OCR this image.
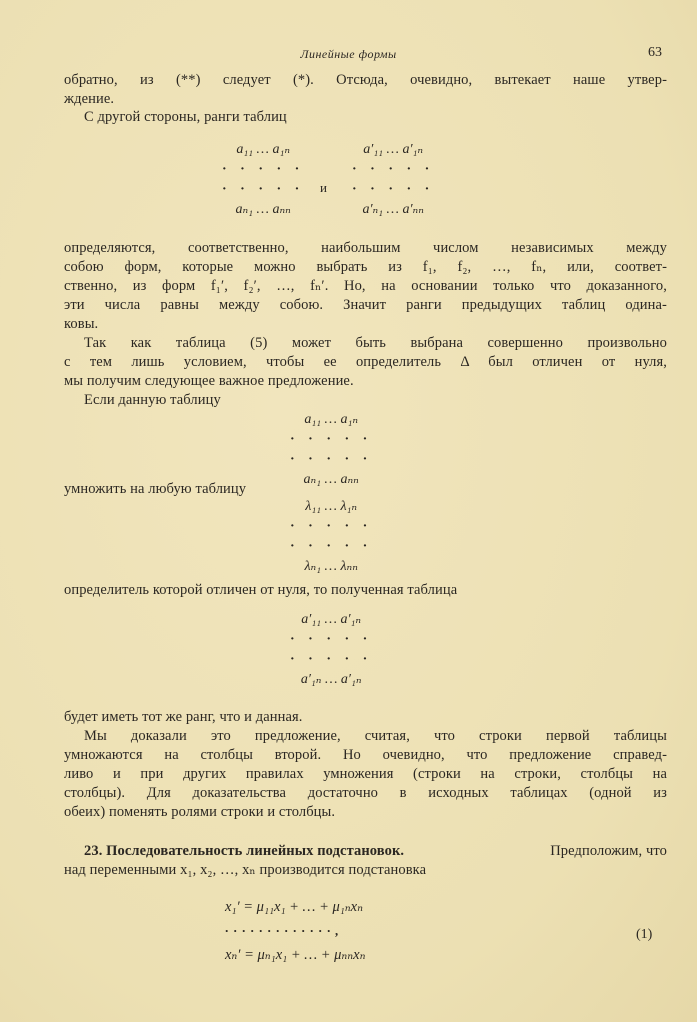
Линейные формы	63
обратно, из (**) следует (*). Отсюда, очевидно, вытекает наше утвер-
ждение.
С другой стороны, ранги таблиц
a₁₁ … a₁ₙ
· · · · ·
· · · · ·
aₙ₁ … aₙₙ
и
a′₁₁ … a′₁ₙ
· · · · ·
· · · · ·
a′ₙ₁ … a′ₙₙ
определяются, соответственно, наибольшим числом независимых между
собою форм, которые можно выбрать из f₁, f₂, …, fₙ, или, соответ-
ственно, из форм f₁′, f₂′, …, fₙ′. Но, на основании только что доказанного,
эти числа равны между собою. Значит ранги предыдущих таблиц одина-
ковы.
Так как таблица (5) может быть выбрана совершенно произвольно
с тем лишь условием, чтобы ее определитель Δ был отличен от нуля,
мы получим следующее важное предложение.
Если данную таблицу
a₁₁ … a₁ₙ
· · · · ·
· · · · ·
aₙ₁ … aₙₙ
умножить на любую таблицу
λ₁₁ … λ₁ₙ
· · · · ·
· · · · ·
λₙ₁ … λₙₙ
определитель которой отличен от нуля, то полученная таблица
a′₁₁ … a′₁ₙ
· · · · ·
· · · · ·
a′₁ₙ … a′₁ₙ
будет иметь тот же ранг, что и данная.
Мы доказали это предложение, считая, что строки первой таблицы
умножаются на столбцы второй. Но очевидно, что предложение справед-
ливо и при других правилах умножения (строки на строки, столбцы на
столбцы). Для доказательства достаточно в исходных таблицах (одной из
обеих) поменять ролями строки и столбцы.
23. Последовательность линейных подстановок.	Предположим, что
над переменными x₁, x₂, …, xₙ производится подстановка
x₁′ = μ₁₁x₁ + … + μ₁ₙxₙ
· · · · · · · · · · · · · ,
xₙ′ = μₙ₁x₁ + … + μₙₙxₙ
(1)
